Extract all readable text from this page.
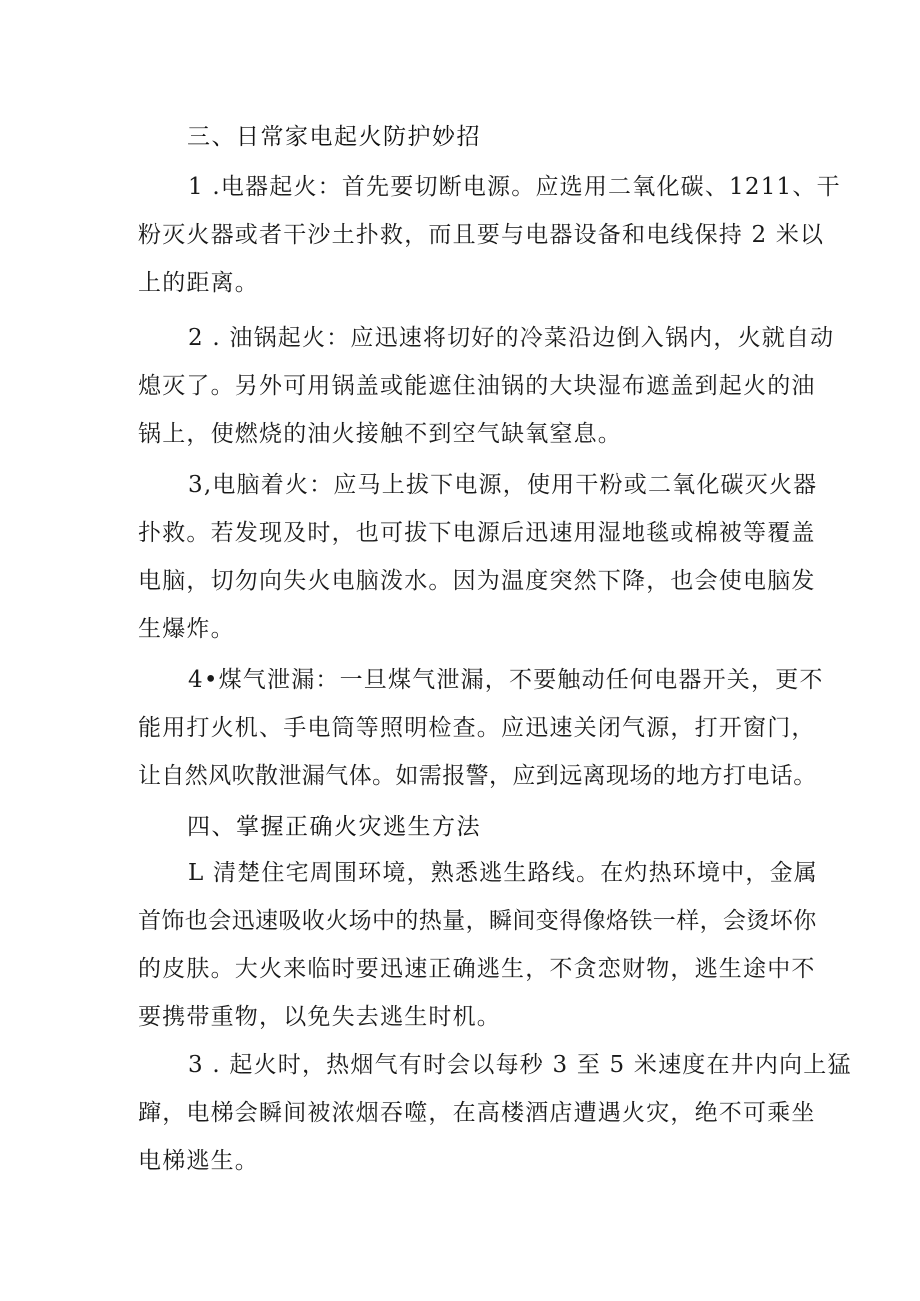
三、日常家电起火防护妙招
1 .电器起火：首先要切断电源。应选用二氧化碳、1211、干
粉灭火器或者干沙土扑救，而且要与电器设备和电线保持 2 米以
上的距离。
2 . 油锅起火：应迅速将切好的冷菜沿边倒入锅内，火就自动
熄灭了。另外可用锅盖或能遮住油锅的大块湿布遮盖到起火的油
锅上，使燃烧的油火接触不到空气缺氧窒息。
3,电脑着火：应马上拔下电源，使用干粉或二氧化碳灭火器
扑救。若发现及时，也可拔下电源后迅速用湿地毯或棉被等覆盖
电脑，切勿向失火电脑泼水。因为温度突然下降，也会使电脑发
生爆炸。
4•煤气泄漏：一旦煤气泄漏，不要触动任何电器开关，更不
能用打火机、手电筒等照明检查。应迅速关闭气源，打开窗门，
让自然风吹散泄漏气体。如需报警，应到远离现场的地方打电话。
四、掌握正确火灾逃生方法
L 清楚住宅周围环境，熟悉逃生路线。在灼热环境中，金属
首饰也会迅速吸收火场中的热量，瞬间变得像烙铁一样，会烫坏你
的皮肤。大火来临时要迅速正确逃生，不贪恋财物，逃生途中不
要携带重物，以免失去逃生时机。
3 . 起火时，热烟气有时会以每秒 3 至 5 米速度在井内向上猛
蹿，电梯会瞬间被浓烟吞噬，在高楼酒店遭遇火灾，绝不可乘坐
电梯逃生。
